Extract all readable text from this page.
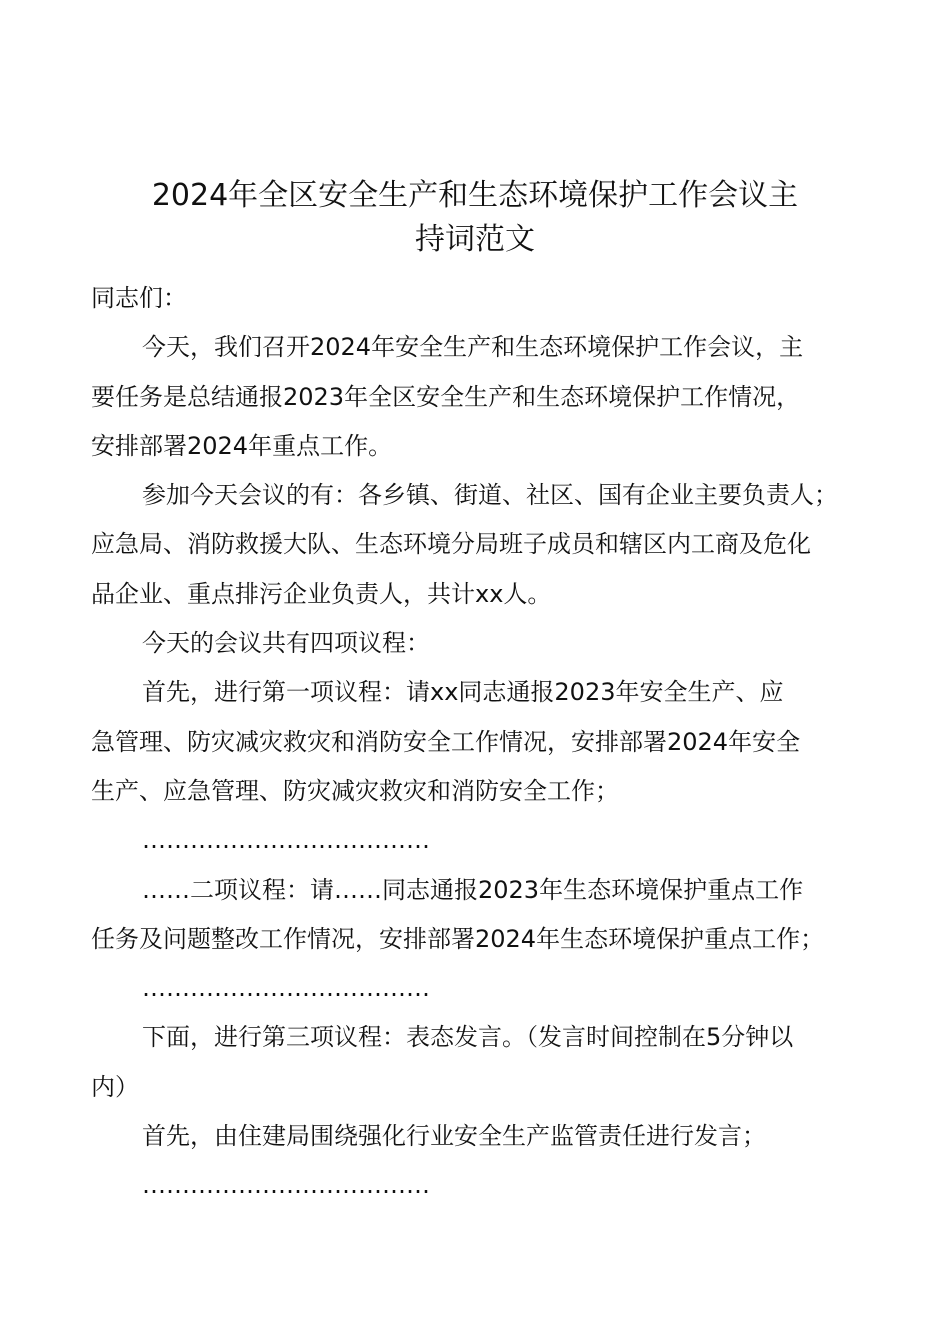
2024年全区安全生产和生态环境保护工作会议主
持词范文

同志们：

今天，我们召开2024年安全生产和生态环境保护工作会议，主

要任务是总结通报2023年全区安全生产和生态环境保护工作情况，

安排部署2024年重点工作。

参加今天会议的有：各乡镇、街道、社区、国有企业主要负责人；

应急局、消防救援大队、生态环境分局班子成员和辖区内工商及危化

品企业、重点排污企业负责人，共计xx人。

今天的会议共有四项议程：

首先，进行第一项议程：请xx同志通报2023年安全生产、应

急管理、防灾减灾救灾和消防安全工作情况，安排部署2024年安全

生产、应急管理、防灾减灾救灾和消防安全工作；

………………………………

……二项议程：请……同志通报2023年生态环境保护重点工作

任务及问题整改工作情况，安排部署2024年生态环境保护重点工作；

………………………………

下面，进行第三项议程：表态发言。（发言时间控制在5分钟以

内）

首先，由住建局围绕强化行业安全生产监管责任进行发言；

………………………………
